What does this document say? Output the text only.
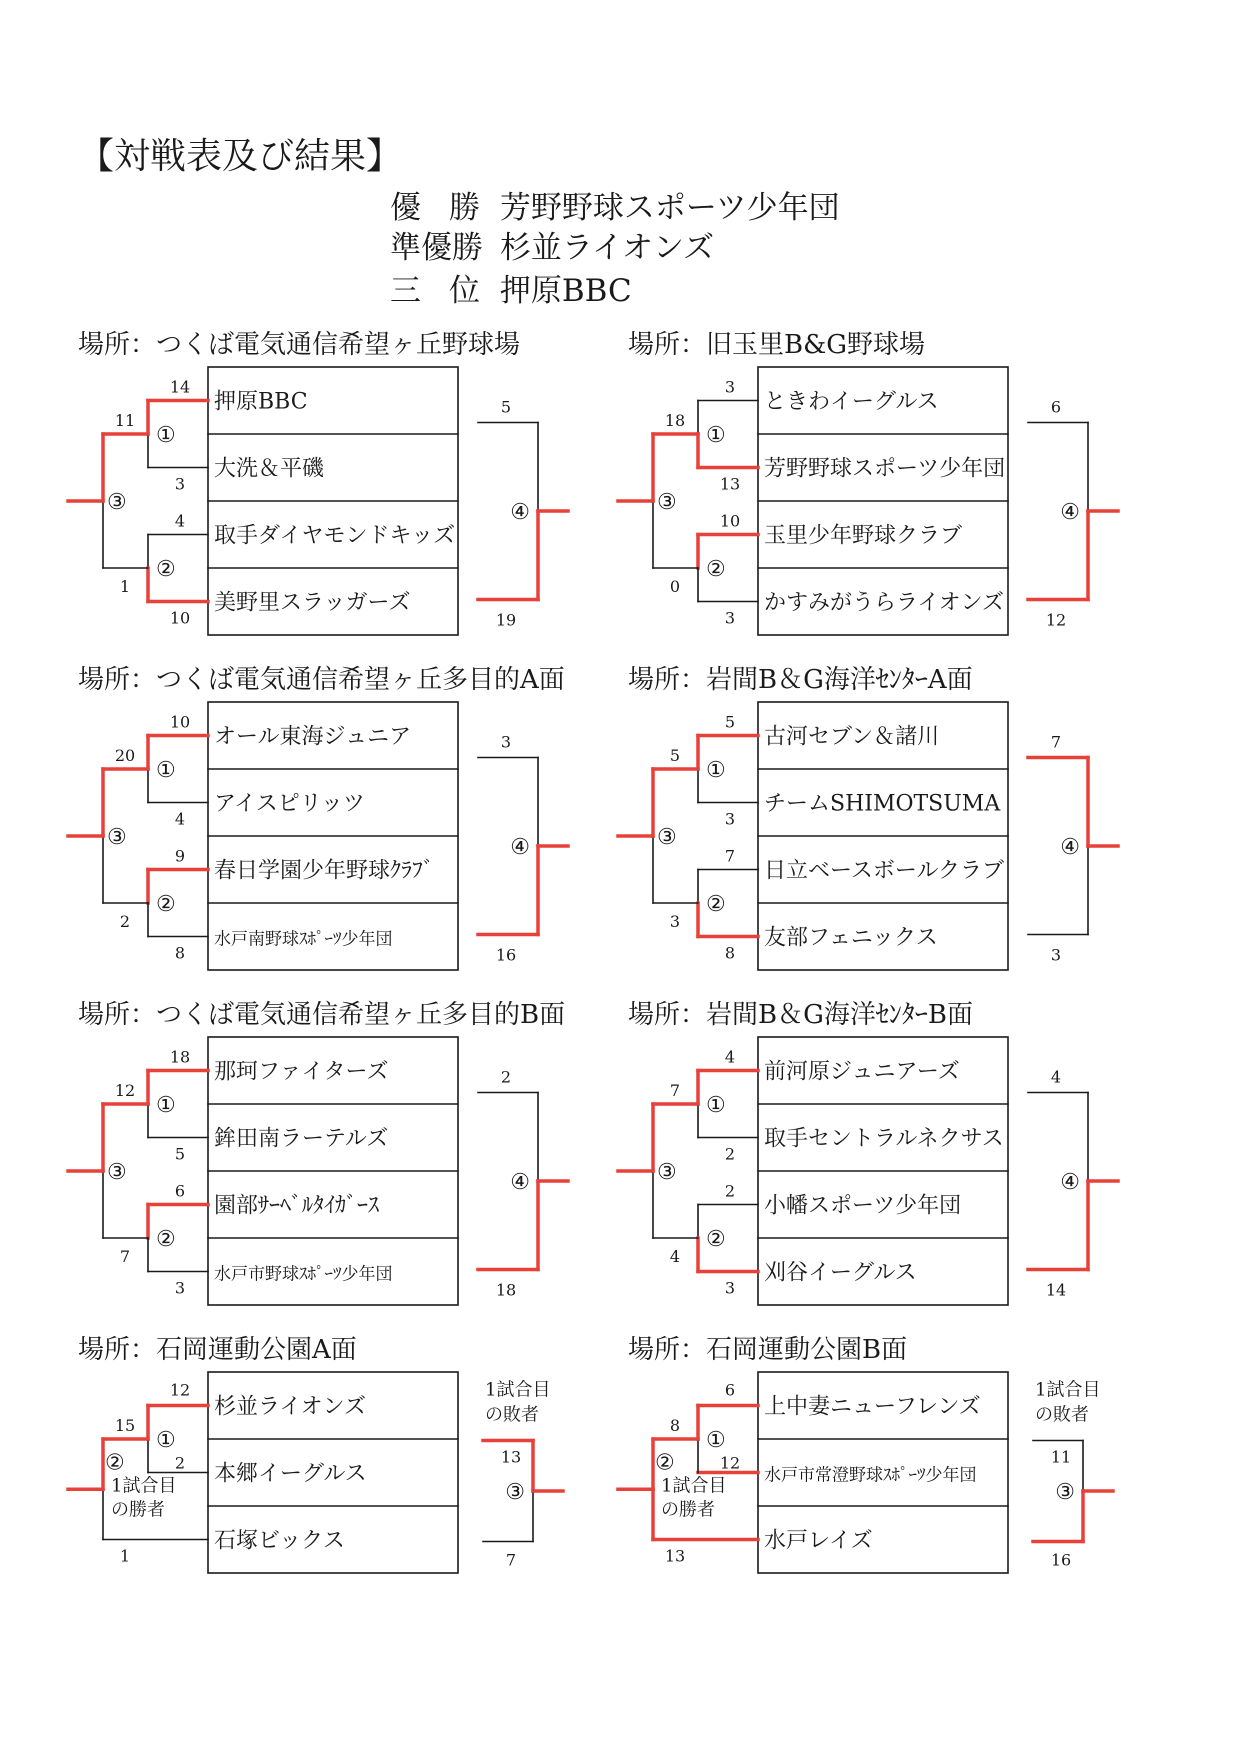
【対戦表及び結果】
優勝 芳野野球スポーツ少年団
準優勝 杉並ライオンズ
三位 押原BBC
場所：つくば電気通信希望ヶ丘野球場
押原BBC
大洗＆平磯
取手ダイヤモンドキッズ
美野里スラッガーズ
①
14
3
②
4
10
③
11
1
④
5
19
場所：旧玉里B&G野球場
ときわイーグルス
芳野野球スポーツ少年団
玉里少年野球クラブ
かすみがうらライオンズ
①
3
13
②
10
3
③
18
0
④
6
12
場所：つくば電気通信希望ヶ丘多目的A面
オール東海ジュニア
アイスピリッツ
春日学園少年野球ｸﾗﾌﾞ
水戸南野球ｽﾎﾟｰﾂ少年団
①
10
4
②
9
8
③
20
2
④
3
16
場所：岩間B＆G海洋ｾﾝﾀｰA面
古河セブン＆諸川
チームSHIMOTSUMA
日立ベースボールクラブ
友部フェニックス
①
5
3
②
7
8
③
5
3
④
7
3
場所：つくば電気通信希望ヶ丘多目的B面
那珂ファイターズ
鉾田南ラーテルズ
園部ｻｰﾍﾞﾙﾀｲｶﾞｰｽ
水戸市野球ｽﾎﾟｰﾂ少年団
①
18
5
②
6
3
③
12
7
④
2
18
場所：岩間B＆G海洋ｾﾝﾀｰB面
前河原ジュニアーズ
取手セントラルネクサス
小幡スポーツ少年団
刈谷イーグルス
①
4
2
②
2
3
③
7
4
④
4
14
場所：石岡運動公園A面
杉並ライオンズ
本郷イーグルス
石塚ビックス
①
12
2
②
15
1
1試合目
の勝者
③
1試合目
の敗者
13
7
場所：石岡運動公園B面
上中妻ニューフレンズ
水戸市常澄野球ｽﾎﾟｰﾂ少年団
水戸レイズ
①
6
12
②
8
13
1試合目
の勝者
③
1試合目
の敗者
11
16
